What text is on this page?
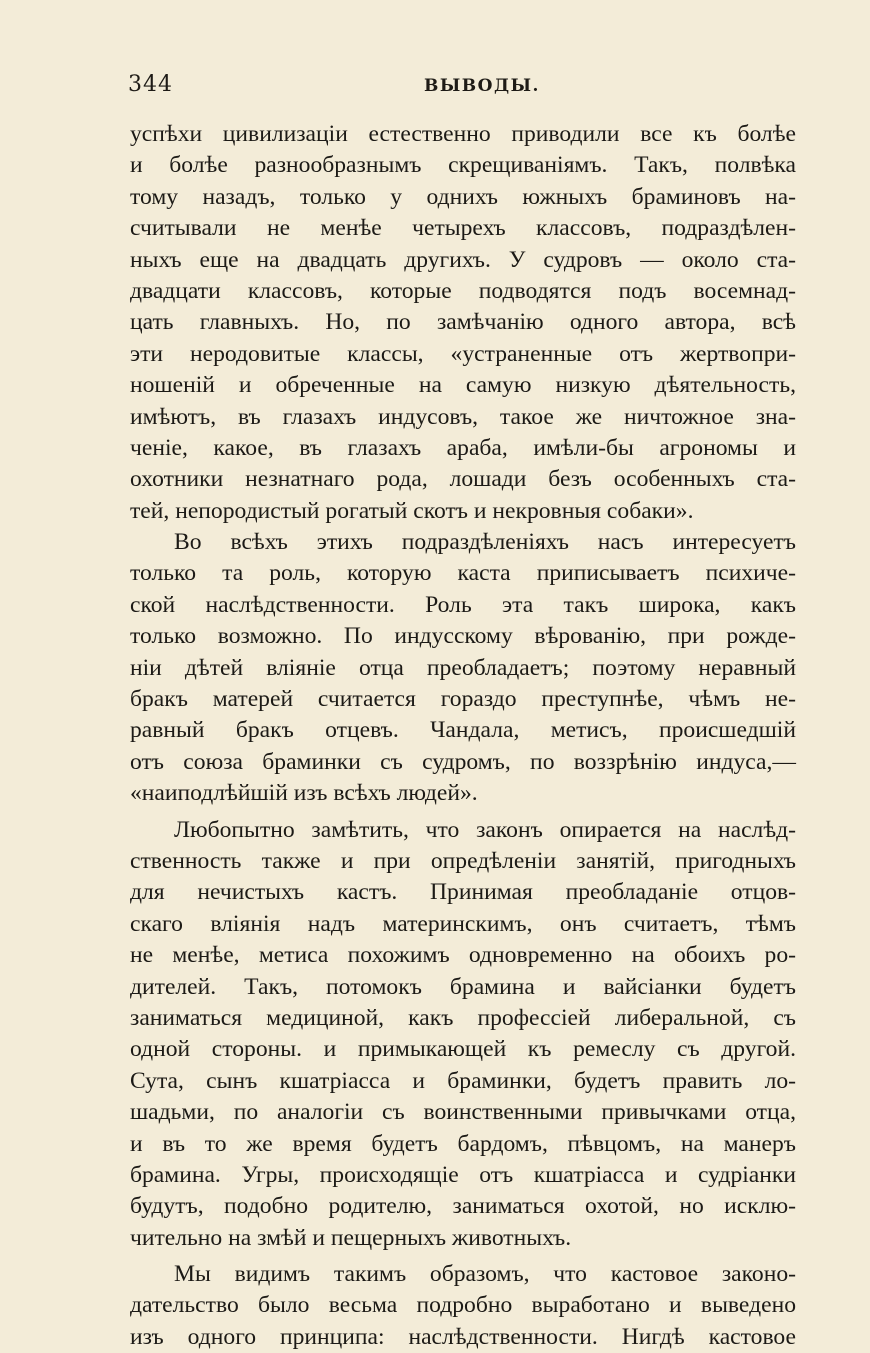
344	ВЫВОДЫ.
успѣхи цивилизаціи естественно приводили все къ болѣе
и болѣе разнообразнымъ скрещиваніямъ. Такъ, полвѣка
тому назадъ, только у однихъ южныхъ браминовъ на-
считывали не менѣе четырехъ классовъ, подраздѣлен-
ныхъ еще на двадцать другихъ. У судровъ — около ста-
двадцати классовъ, которые подводятся подъ восемнад-
цать главныхъ. Но, по замѣчанію одного автора, всѣ
эти неродовитые классы, «устраненные отъ жертвопри-
ношеній и обреченные на самую низкую дѣятельность,
имѣютъ, въ глазахъ индусовъ, такое же ничтожное зна-
ченіе, какое, въ глазахъ араба, имѣли-бы агрономы и
охотники незнатнаго рода, лошади безъ особенныхъ ста-
тей, непородистый рогатый скотъ и некровныя собаки».
Во всѣхъ этихъ подраздѣленіяхъ насъ интересуетъ
только та роль, которую каста приписываетъ психиче-
ской наслѣдственности. Роль эта такъ широка, какъ
только возможно. По индусскому вѣрованію, при рожде-
ніи дѣтей вліяніе отца преобладаетъ; поэтому неравный
бракъ матерей считается гораздо преступнѣе, чѣмъ не-
равный бракъ отцевъ. Чандала, метисъ, происшедшій
отъ союза браминки съ судромъ, по воззрѣнію индуса,—
«наиподлѣйшій изъ всѣхъ людей».
Любопытно замѣтить, что законъ опирается на наслѣд-
ственность также и при опредѣленіи занятій, пригодныхъ
для нечистыхъ кастъ. Принимая преобладаніе отцов-
скаго вліянія надъ материнскимъ, онъ считаетъ, тѣмъ
не менѣе, метиса похожимъ одновременно на обоихъ ро-
дителей. Такъ, потомокъ брамина и вайсіанки будетъ
заниматься медициной, какъ професcіей либеральной, съ
одной стороны. и примыкающей къ ремеслу съ другой.
Сута, сынъ кшатріасса и браминки, будетъ править ло-
шадьми, по аналогіи съ воинственными привычками отца,
и въ то же время будетъ бардомъ, пѣвцомъ, на манеръ
брамина. Угры, происходящіе отъ кшатріасса и судріанки
будутъ, подобно родителю, заниматься охотой, но исклю-
чительно на змѣй и пещерныхъ животныхъ.
Мы видимъ такимъ образомъ, что кастовое законо-
дательство было весьма подробно выработано и выведено
изъ одного принципа: наслѣдственности. Нигдѣ кастовое
